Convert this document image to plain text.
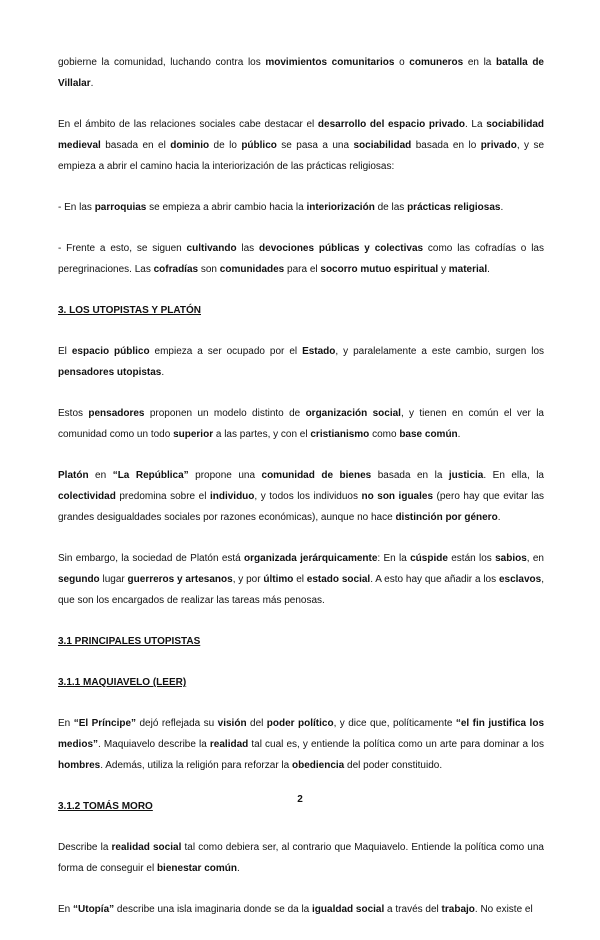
gobierne la comunidad, luchando contra los movimientos comunitarios o comuneros en la batalla de Villalar.

En el ámbito de las relaciones sociales cabe destacar el desarrollo del espacio privado. La sociabilidad medieval basada en el dominio de lo público se pasa a una sociabilidad basada en lo privado, y se empieza a abrir el camino hacia la interiorización de las prácticas religiosas:

- En las parroquias se empieza a abrir cambio hacia la interiorización de las prácticas religiosas.

- Frente a esto, se siguen cultivando las devociones públicas y colectivas como las cofradías o las peregrinaciones. Las cofradías son comunidades para el socorro mutuo espiritual y material.

3. LOS UTOPISTAS Y PLATÓN

El espacio público empieza a ser ocupado por el Estado, y paralelamente a este cambio, surgen los pensadores utopistas.

Estos pensadores proponen un modelo distinto de organización social, y tienen en común el ver la comunidad como un todo superior a las partes, y con el cristianismo como base común.

Platón en “La República” propone una comunidad de bienes basada en la justicia. En ella, la colectividad predomina sobre el individuo, y todos los individuos no son iguales (pero hay que evitar las grandes desigualdades sociales por razones económicas), aunque no hace distinción por género.

Sin embargo, la sociedad de Platón está organizada jerárquicamente: En la cúspide están los sabios, en segundo lugar guerreros y artesanos, y por último el estado social. A esto hay que añadir a los esclavos, que son los encargados de realizar las tareas más penosas.

3.1 PRINCIPALES UTOPISTAS
3.1.1 MAQUIAVELO (LEER)

En “El Príncipe” dejó reflejada su visión del poder político, y dice que, políticamente “el fin justifica los medios”. Maquiavelo describe la realidad tal cual es, y entiende la política como un arte para dominar a los hombres. Además, utiliza la religión para reforzar la obediencia del poder constituido.

3.1.2 TOMÁS MORO

Describe la realidad social tal como debiera ser, al contrario que Maquiavelo. Entiende la política como una forma de conseguir el bienestar común.

En “Utopía” describe una isla imaginaria donde se da la igualdad social a través del trabajo. No existe el

2
